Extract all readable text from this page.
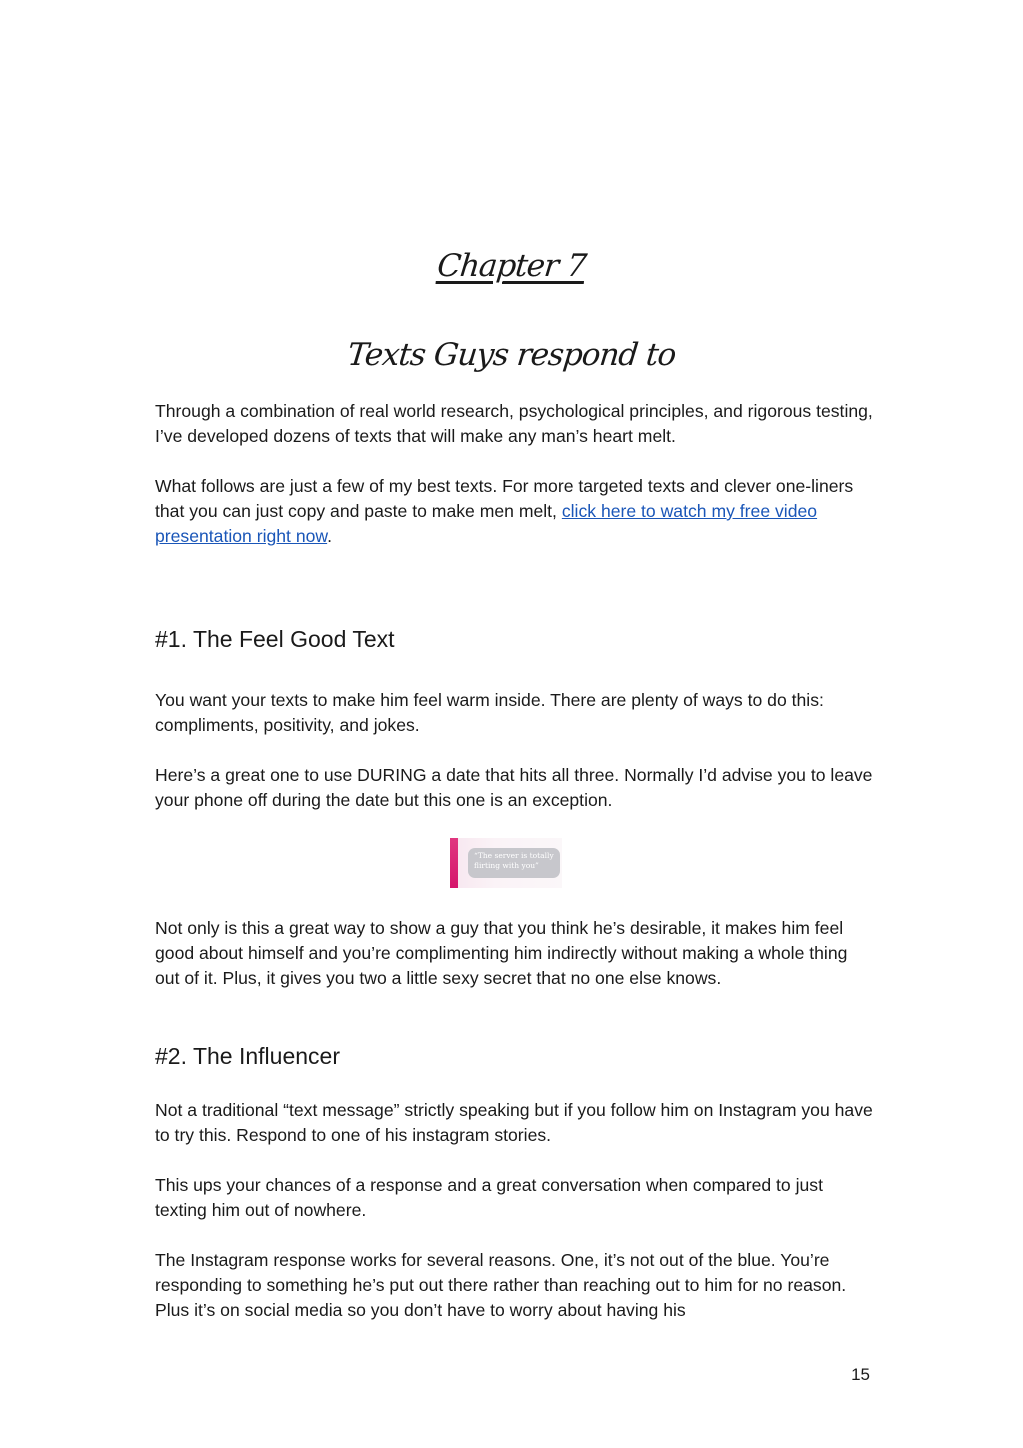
Chapter 7
Texts Guys respond to

Through a combination of real world research, psychological principles, and rigorous testing, I’ve developed dozens of texts that will make any man’s heart melt.

What follows are just a few of my best texts. For more targeted texts and clever one-liners that you can just copy and paste to make men melt, click here to watch my free video presentation right now.

#1. The Feel Good Text

You want your texts to make him feel warm inside. There are plenty of ways to do this: compliments, positivity, and jokes.

Here’s a great one to use DURING a date that hits all three. Normally I’d advise you to leave your phone off during the date but this one is an exception.

“The server is totally flirting with you”

Not only is this a great way to show a guy that you think he’s desirable, it makes him feel good about himself and you’re complimenting him indirectly without making a whole thing out of it. Plus, it gives you two a little sexy secret that no one else knows.

#2. The Influencer

Not a traditional “text message” strictly speaking but if you follow him on Instagram you have to try this. Respond to one of his instagram stories.

This ups your chances of a response and a great conversation when compared to just texting him out of nowhere.

The Instagram response works for several reasons. One, it’s not out of the blue. You’re responding to something he’s put out there rather than reaching out to him for no reason. Plus it’s on social media so you don’t have to worry about having his

15
